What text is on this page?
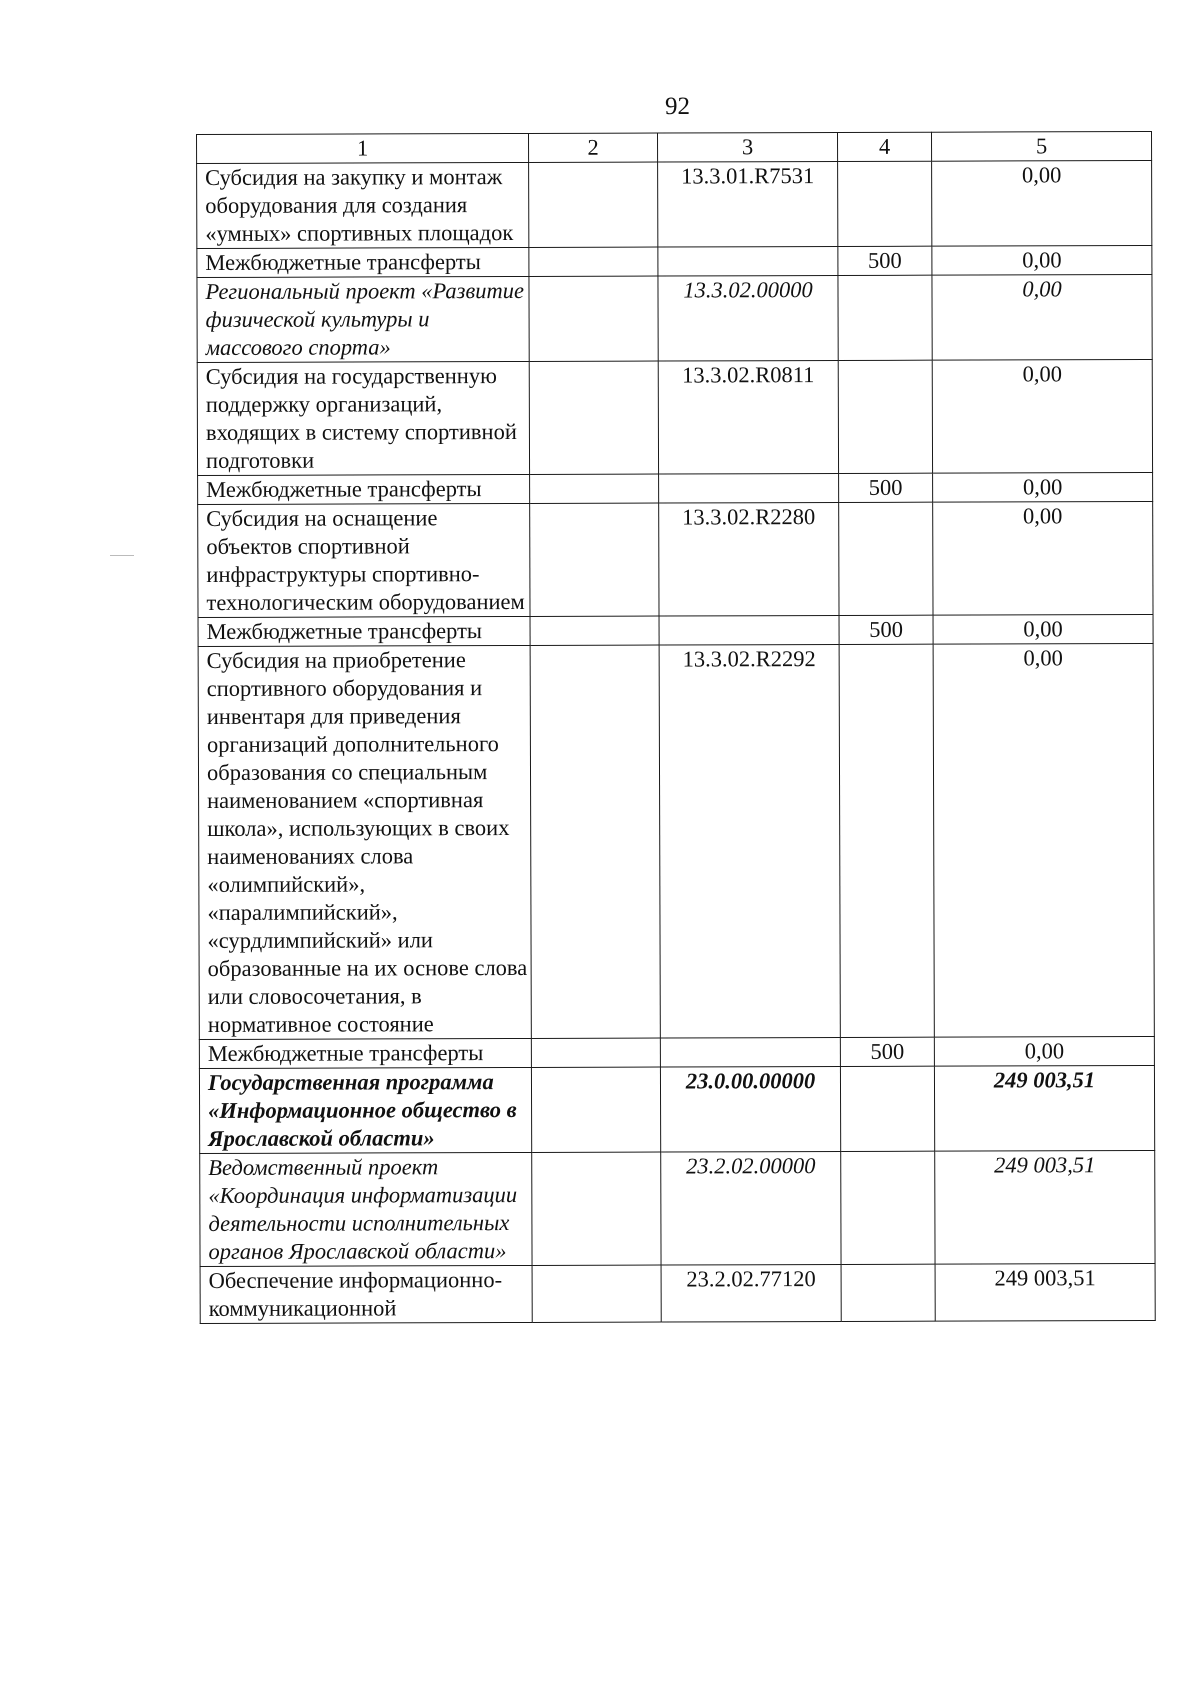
92
1	2	3	4	5
Субсидия на закупку и монтаж оборудования для создания «умных» спортивных площадок		13.3.01.R7531		0,00
Межбюджетные трансферты			500	0,00
Региональный проект «Развитие физической культуры и массового спорта»		13.3.02.00000		0,00
Субсидия на государственную поддержку организаций, входящих в систему спортивной подготовки		13.3.02.R0811		0,00
Межбюджетные трансферты			500	0,00
Субсидия на оснащение объектов спортивной инфраструктуры спортивно-технологическим оборудованием		13.3.02.R2280		0,00
Межбюджетные трансферты			500	0,00
Субсидия на приобретение спортивного оборудования и инвентаря для приведения организаций дополнительного образования со специальным наименованием «спортивная школа», использующих в своих наименованиях слова «олимпийский», «паралимпийский», «сурдлимпийский» или образованные на их основе слова или словосочетания, в нормативное состояние		13.3.02.R2292		0,00
Межбюджетные трансферты			500	0,00
Государственная программа «Информационное общество в Ярославской области»		23.0.00.00000		249 003,51
Ведомственный проект «Координация информатизации деятельности исполнительных органов Ярославской области»		23.2.02.00000		249 003,51
Обеспечение информационно-коммуникационной		23.2.02.77120		249 003,51
